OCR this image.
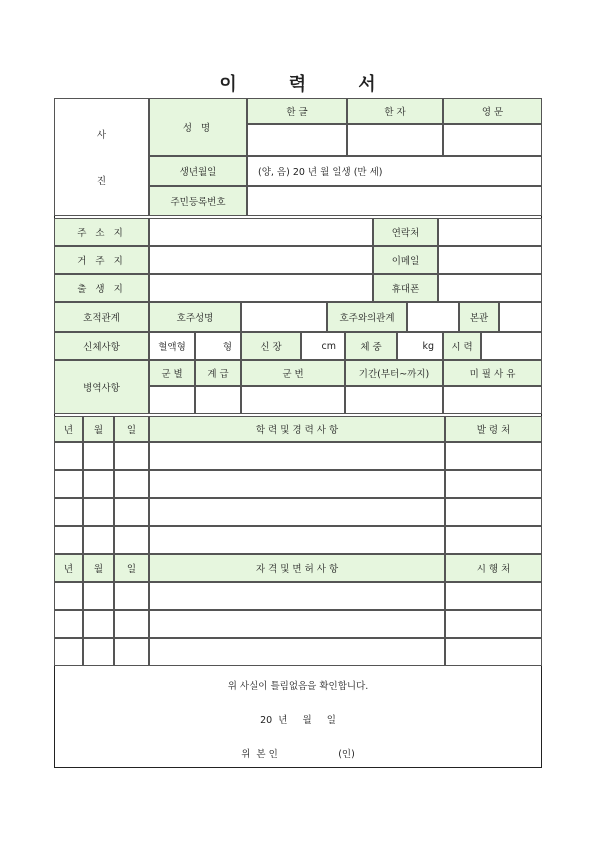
이	력	서
사
진
성 명
한 글	한 자	영 문
생년월일	(양, 음) 20 년 월 일생 (만 세)
주민등록번호
주 소 지	연락처
거 주 지	이메일
출 생 지	휴대폰
호적관계	호주성명	호주와의관계	본관
신체사항	혈액형	형	신 장	cm	체 중	kg	시 력
병역사항
군 별	계 급	군 번	기간(부터~까지)	미 필 사 유
년	월	일	학 력 및 경 력 사 항	발 령 처
년	월	일	자 격 및 면 허 사 항	시 행 처
위 사실이 틀림없음을 확인합니다.
20  년     월     일
위  본 인                    (인)
